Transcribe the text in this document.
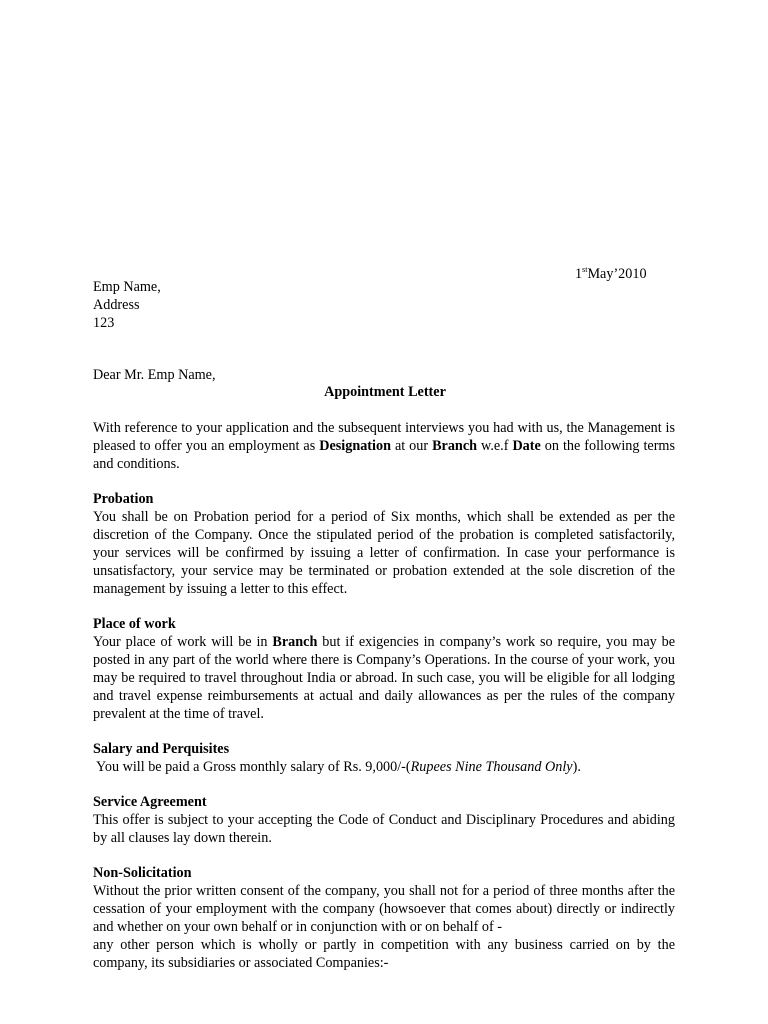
1stMay’2010
Emp Name,
Address
123
Dear Mr. Emp Name,
Appointment Letter

With reference to your application and the subsequent interviews you had with us, the Management is pleased to offer you an employment as Designation at our Branch w.e.f Date on the following terms and conditions.

Probation

You shall be on Probation period for a period of Six months, which shall be extended as per the discretion of the Company. Once the stipulated period of the probation is completed satisfactorily, your services will be confirmed by issuing a letter of confirmation. In case your performance is unsatisfactory, your service may be terminated or probation extended at the sole discretion of the management by issuing a letter to this effect.

Place of work

Your place of work will be in Branch but if exigencies in company’s work so require, you may be posted in any part of the world where there is Company’s Operations. In the course of your work, you may be required to travel throughout India or abroad. In such case, you will be eligible for all lodging and travel expense reimbursements at actual and daily allowances as per the rules of the company prevalent at the time of travel.

Salary and Perquisites

You will be paid a Gross monthly salary of Rs. 9,000/-(Rupees Nine Thousand Only).

Service Agreement

This offer is subject to your accepting the Code of Conduct and Disciplinary Procedures and abiding by all clauses lay down therein.

Non-Solicitation

Without the prior written consent of the company, you shall not for a period of three months after the cessation of your employment with the company (howsoever that comes about) directly or indirectly and whether on your own behalf or in conjunction with or on behalf of -

any other person which is wholly or partly in competition with any business carried on by the company, its subsidiaries or associated Companies:-
